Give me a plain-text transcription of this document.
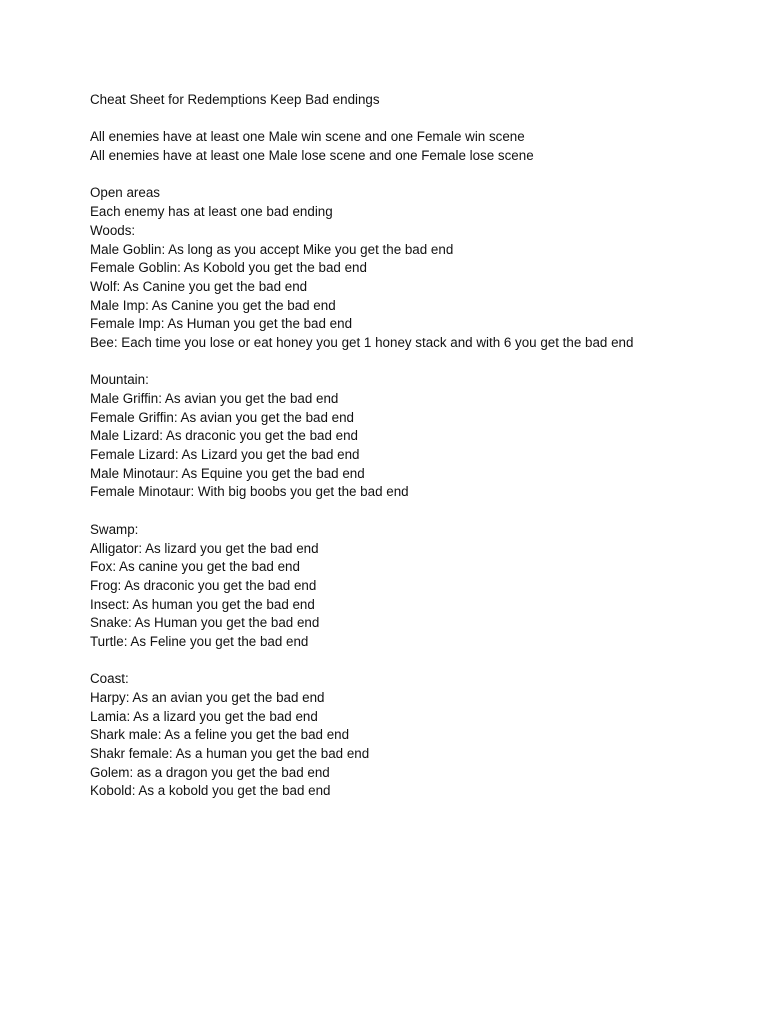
Cheat Sheet for Redemptions Keep Bad endings
All enemies have at least one Male win scene and one Female win scene
All enemies have at least one Male lose scene and one Female lose scene
Open areas
Each enemy has at least one bad ending
Woods:
Male Goblin: As long as you accept Mike you get the bad end
Female Goblin: As Kobold you get the bad end
Wolf: As Canine you get the bad end
Male Imp: As Canine you get the bad end
Female Imp: As Human you get the bad end
Bee: Each time you lose or eat honey you get 1 honey stack and with 6 you get the bad end
Mountain:
Male Griffin: As avian you get the bad end
Female Griffin: As avian you get the bad end
Male Lizard: As draconic you get the bad end
Female Lizard: As Lizard you get the bad end
Male Minotaur: As Equine you get the bad end
Female Minotaur: With big boobs you get the bad end
Swamp:
Alligator: As lizard you get the bad end
Fox: As canine you get the bad end
Frog: As draconic you get the bad end
Insect: As human you get the bad end
Snake: As Human you get the bad end
Turtle: As Feline you get the bad end
Coast:
Harpy: As an avian you get the bad end
Lamia: As a lizard you get the bad end
Shark male: As a feline you get the bad end
Shakr female: As a human you get the bad end
Golem: as a dragon you get the bad end
Kobold: As a kobold you get the bad end
